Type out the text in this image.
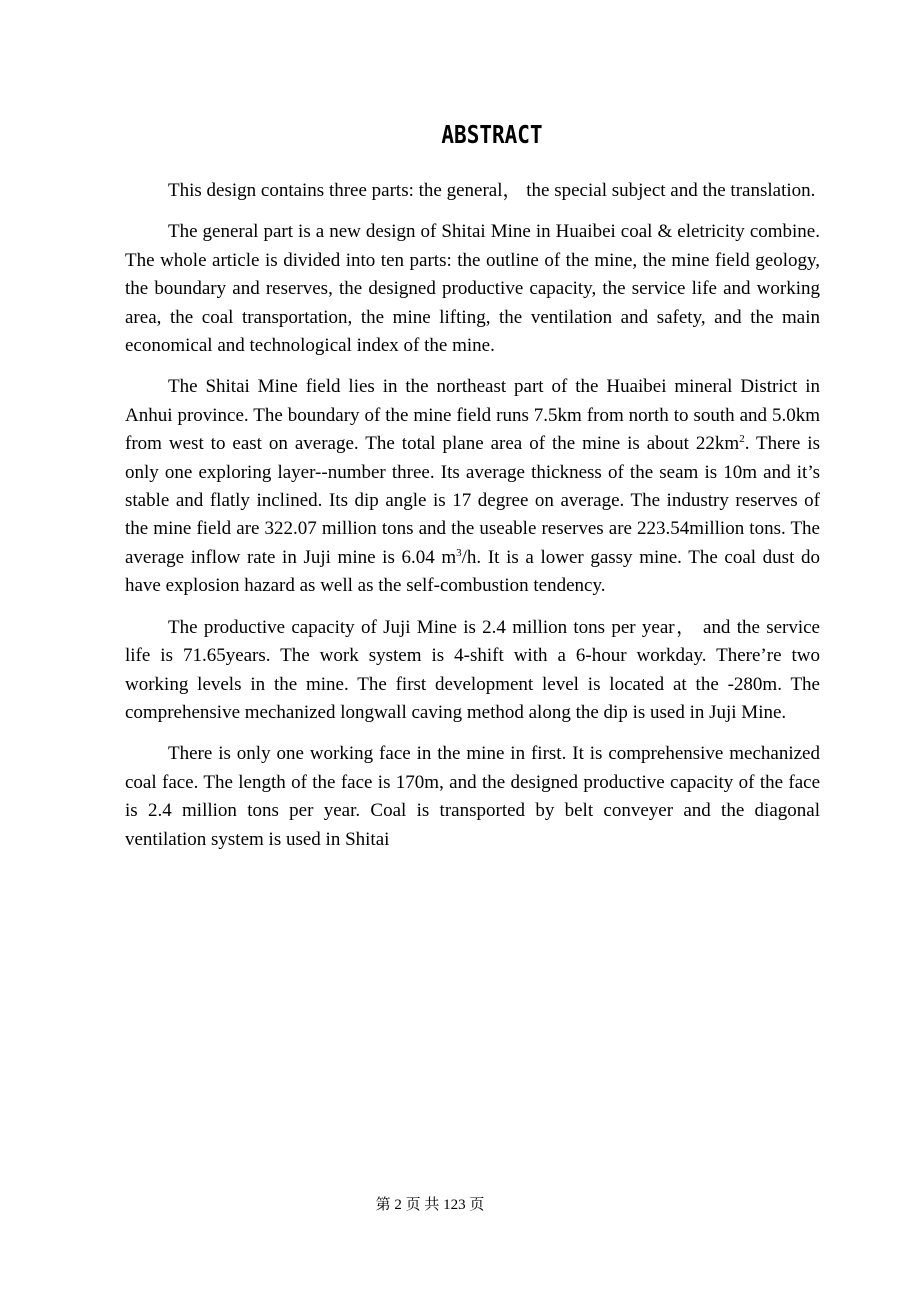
ABSTRACT

This design contains three parts: the general， the special subject and the translation.

The general part is a new design of Shitai Mine in Huaibei coal & eletricity combine. The whole article is divided into ten parts: the outline of the mine, the mine field geology, the boundary and reserves, the designed productive capacity, the service life and working area, the coal transportation, the mine lifting, the ventilation and safety, and the main economical and technological index of the mine.

The Shitai Mine field lies in the northeast part of the Huaibei mineral District in Anhui province. The boundary of the mine field runs 7.5km from north to south and 5.0km from west to east on average. The total plane area of the mine is about $22km^2$. There is only one exploring layer--number three. Its average thickness of the seam is 10m and it’s stable and flatly inclined. Its dip angle is 17 degree on average. The industry reserves of the mine field are 322.07 million tons and the useable reserves are 223.54million tons. The average inflow rate in Juji mine is 6.04 $m^3/h$. It is a lower gassy mine. The coal dust do have explosion hazard as well as the self-combustion tendency.

The productive capacity of Juji Mine is 2.4 million tons per year， and the service life is 71.65years. The work system is 4-shift with a 6-hour workday. There’re two working levels in the mine. The first development level is located at the -280m. The comprehensive mechanized longwall caving method along the dip is used in Juji Mine.

There is only one working face in the mine in first. It is comprehensive mechanized coal face. The length of the face is 170m, and the designed productive capacity of the face is 2.4 million tons per year. Coal is transported by belt conveyer and the diagonal ventilation system is used in Shitai

第 2 页 共 123 页
